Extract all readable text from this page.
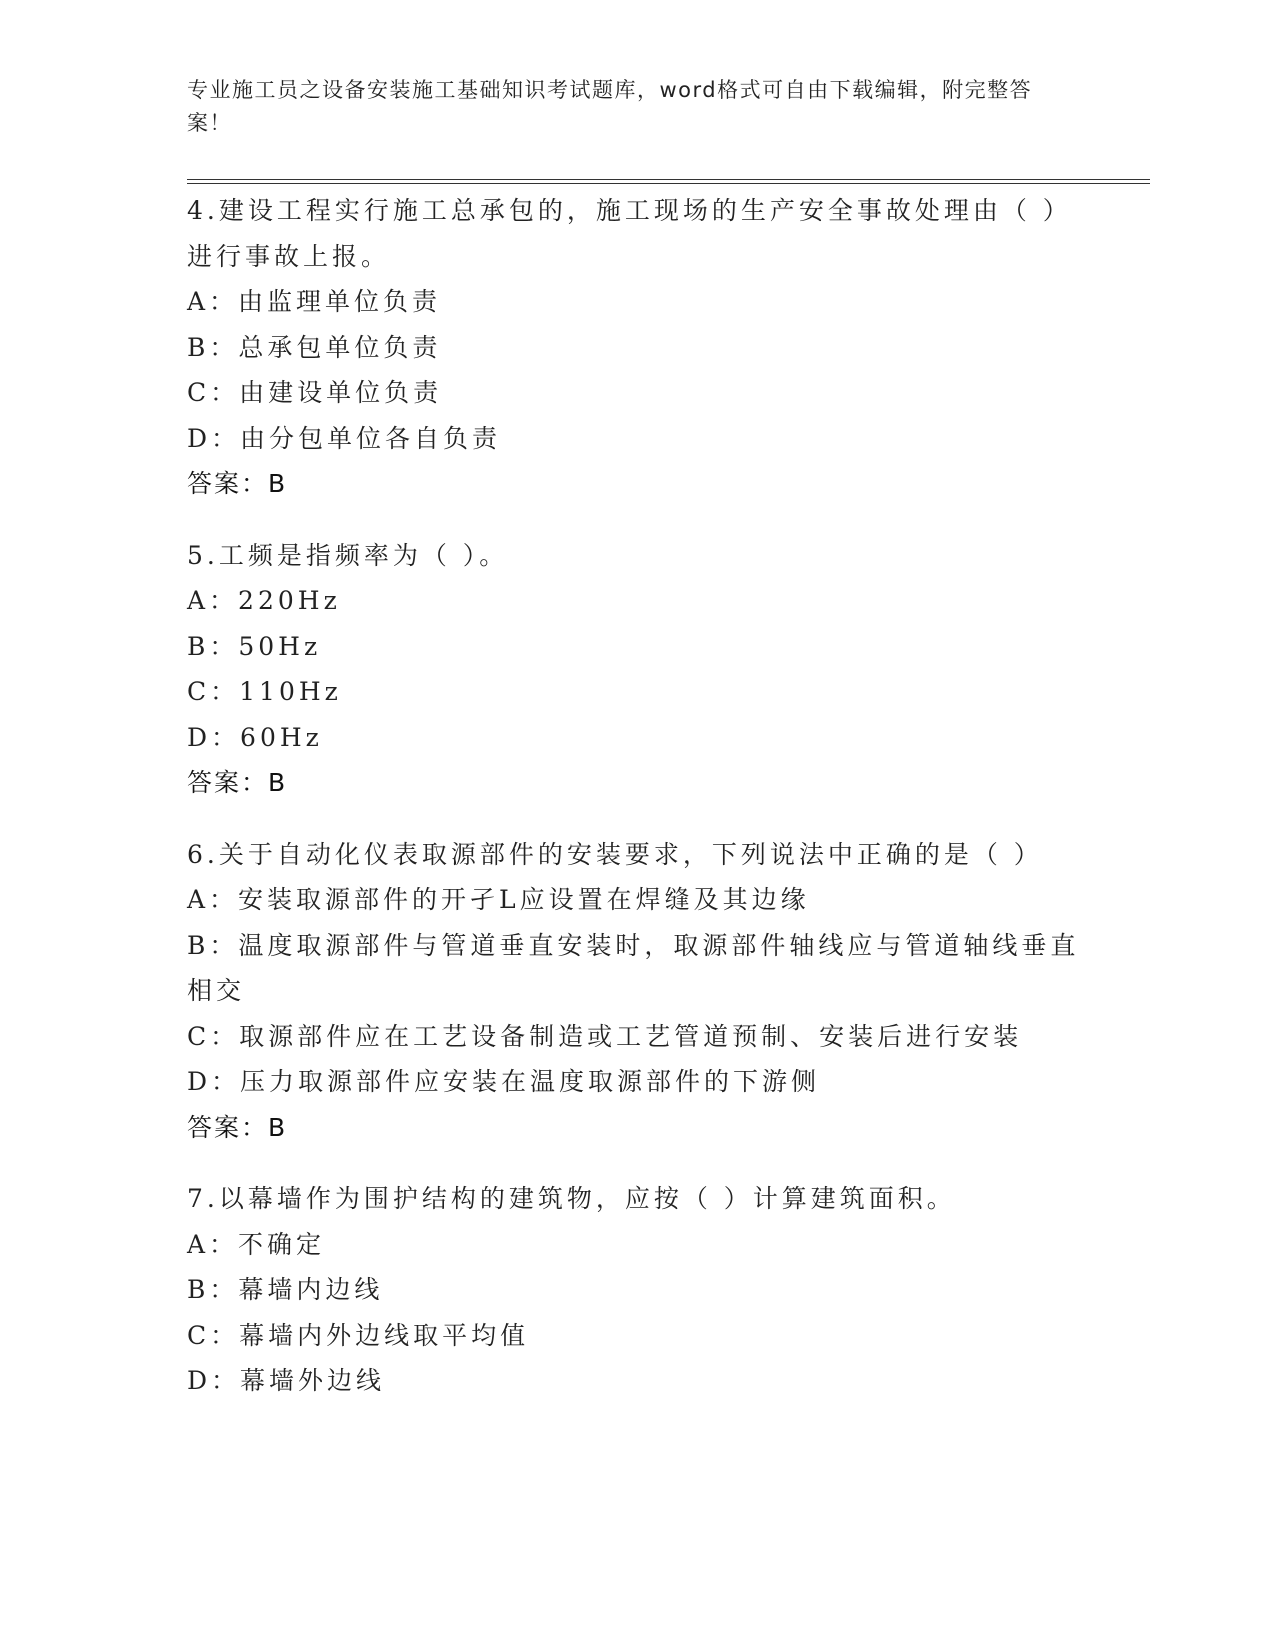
专业施工员之设备安装施工基础知识考试题库，word格式可自由下载编辑，附完整答案！
4.建设工程实行施工总承包的，施工现场的生产安全事故处理由（ ）进行事故上报。
A：由监理单位负责
B：总承包单位负责
C：由建设单位负责
D：由分包单位各自负责
答案：B
5.工频是指频率为（ ）。
A：220Hz
B：50Hz
C：110Hz
D：60Hz
答案：B
6.关于自动化仪表取源部件的安装要求，下列说法中正确的是（ ）
A：安装取源部件的开孑L应设置在焊缝及其边缘
B：温度取源部件与管道垂直安装时，取源部件轴线应与管道轴线垂直相交
C：取源部件应在工艺设备制造或工艺管道预制、安装后进行安装
D：压力取源部件应安装在温度取源部件的下游侧
答案：B
7.以幕墙作为围护结构的建筑物，应按（ ）计算建筑面积。
A：不确定
B：幕墙内边线
C：幕墙内外边线取平均值
D：幕墙外边线
